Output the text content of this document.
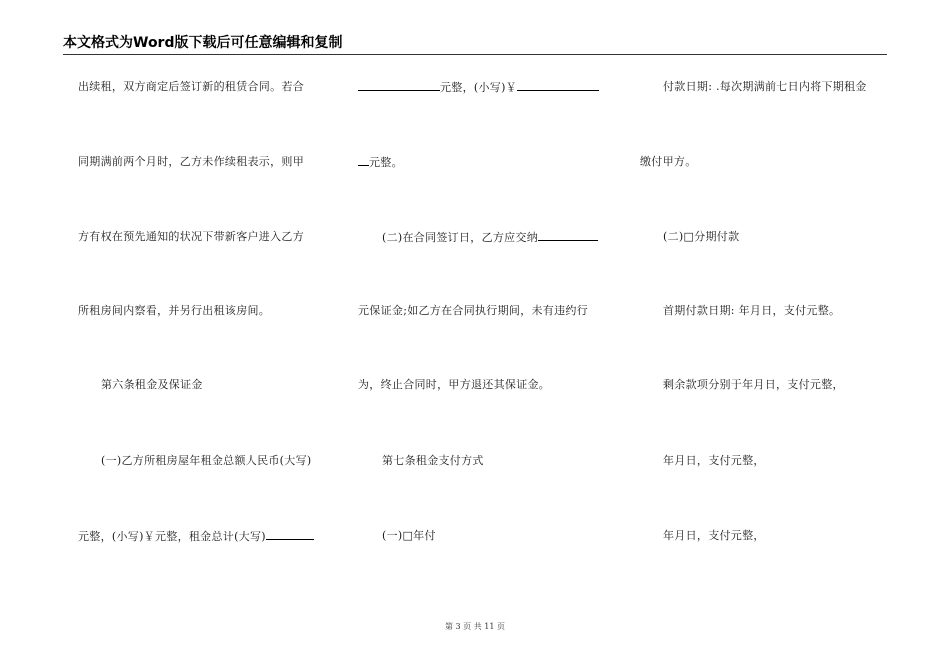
本文格式为Word版下载后可任意编辑和复制
出续租，双方商定后签订新的租赁合同。若合
同期满前两个月时，乙方未作续租表示，则甲
方有权在预先通知的状况下带新客户进入乙方
所租房间内察看，并另行出租该房间。
第六条租金及保证金
(一)乙方所租房屋年租金总额人民币(大写)
元整，(小写)￥元整，租金总计(大写)
元整，(小写)￥
元整。
(二)在合同签订日，乙方应交纳
元保证金;如乙方在合同执行期间，未有违约行
为，终止合同时，甲方退还其保证金。
第七条租金支付方式
(一)□年付
付款日期: .每次期满前七日内将下期租金
缴付甲方。
(二)□分期付款
首期付款日期: 年月日，支付元整。
剩余款项分别于年月日，支付元整，
年月日，支付元整，
年月日，支付元整，
第 3 页 共 11 页
